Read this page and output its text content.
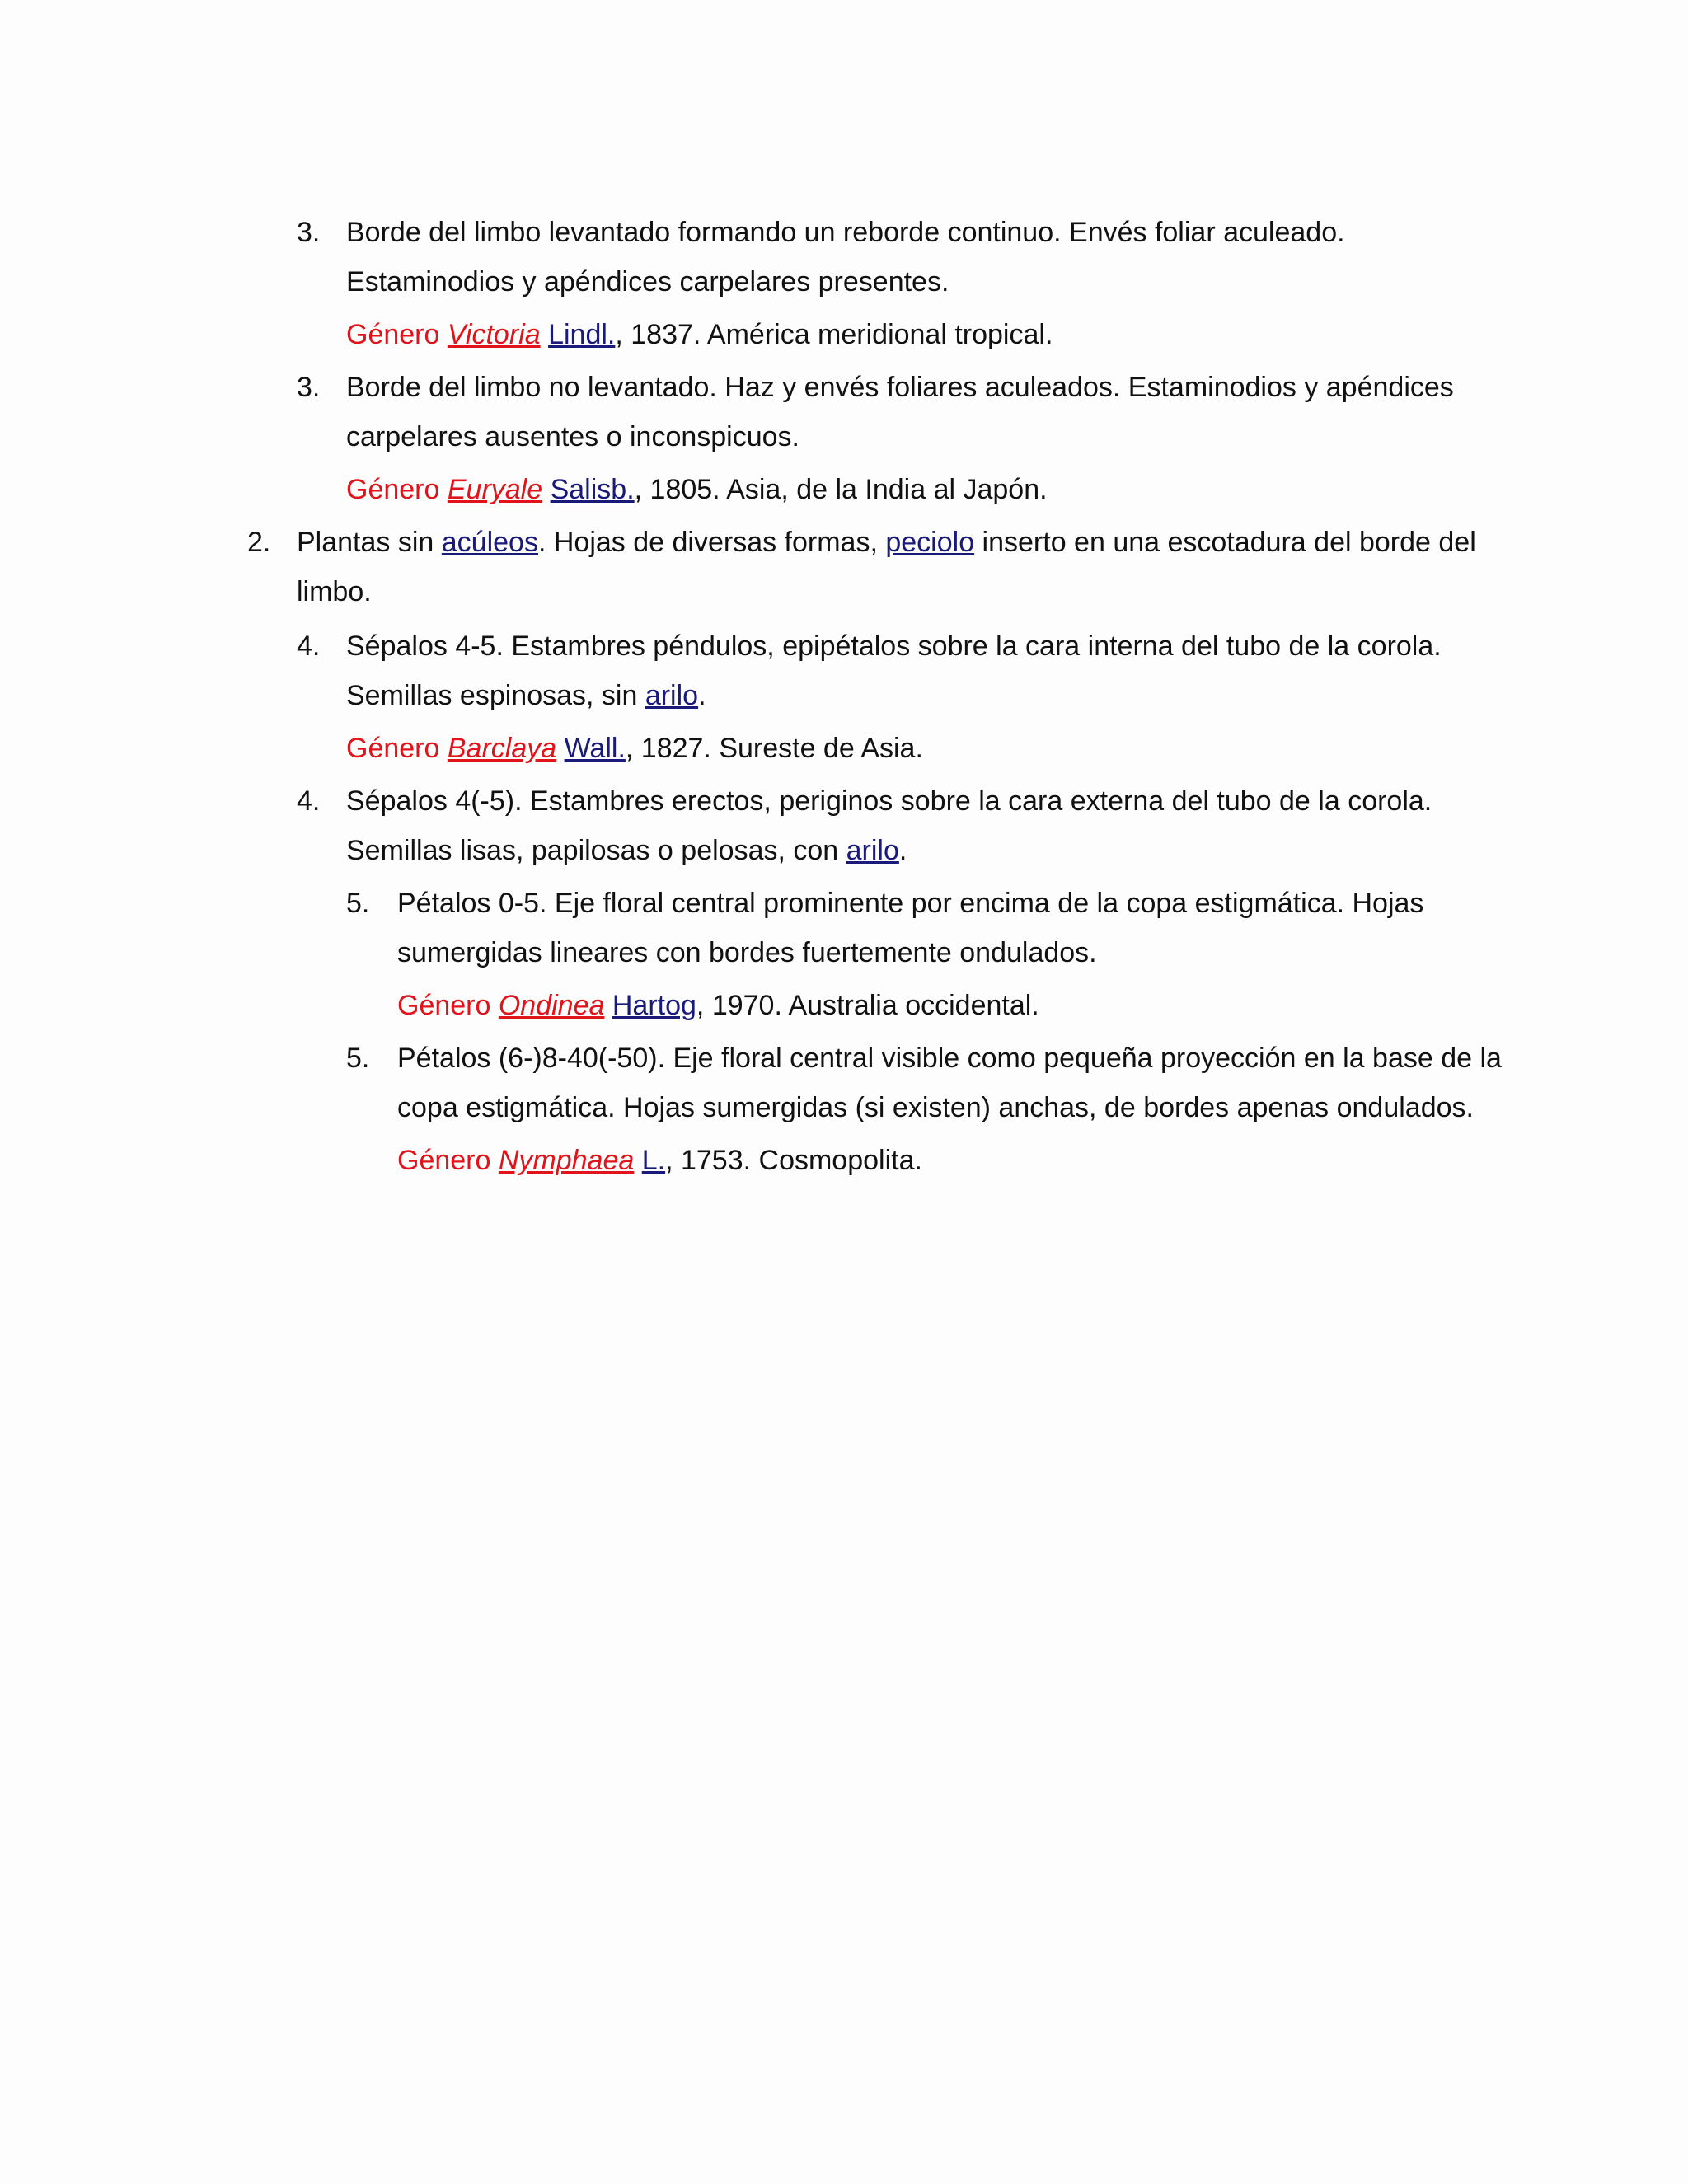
3. Borde del limbo levantado formando un reborde continuo. Envés foliar aculeado.
Estaminodios y apéndices carpelares presentes.
Género Victoria Lindl., 1837. América meridional tropical.
3. Borde del limbo no levantado. Haz y envés foliares aculeados. Estaminodios y apéndices
carpelares ausentes o inconspicuos.
Género Euryale Salisb., 1805. Asia, de la India al Japón.
2. Plantas sin acúleos. Hojas de diversas formas, peciolo inserto en una escotadura del borde del
limbo.
4. Sépalos 4-5. Estambres péndulos, epipétalos sobre la cara interna del tubo de la corola.
Semillas espinosas, sin arilo.
Género Barclaya Wall., 1827. Sureste de Asia.
4. Sépalos 4(-5). Estambres erectos, periginos sobre la cara externa del tubo de la corola.
Semillas lisas, papilosas o pelosas, con arilo.
5. Pétalos 0-5. Eje floral central prominente por encima de la copa estigmática. Hojas
sumergidas lineares con bordes fuertemente ondulados.
Género Ondinea Hartog, 1970. Australia occidental.
5. Pétalos (6-)8-40(-50). Eje floral central visible como pequeña proyección en la base de la
copa estigmática. Hojas sumergidas (si existen) anchas, de bordes apenas ondulados.
Género Nymphaea L., 1753. Cosmopolita.
